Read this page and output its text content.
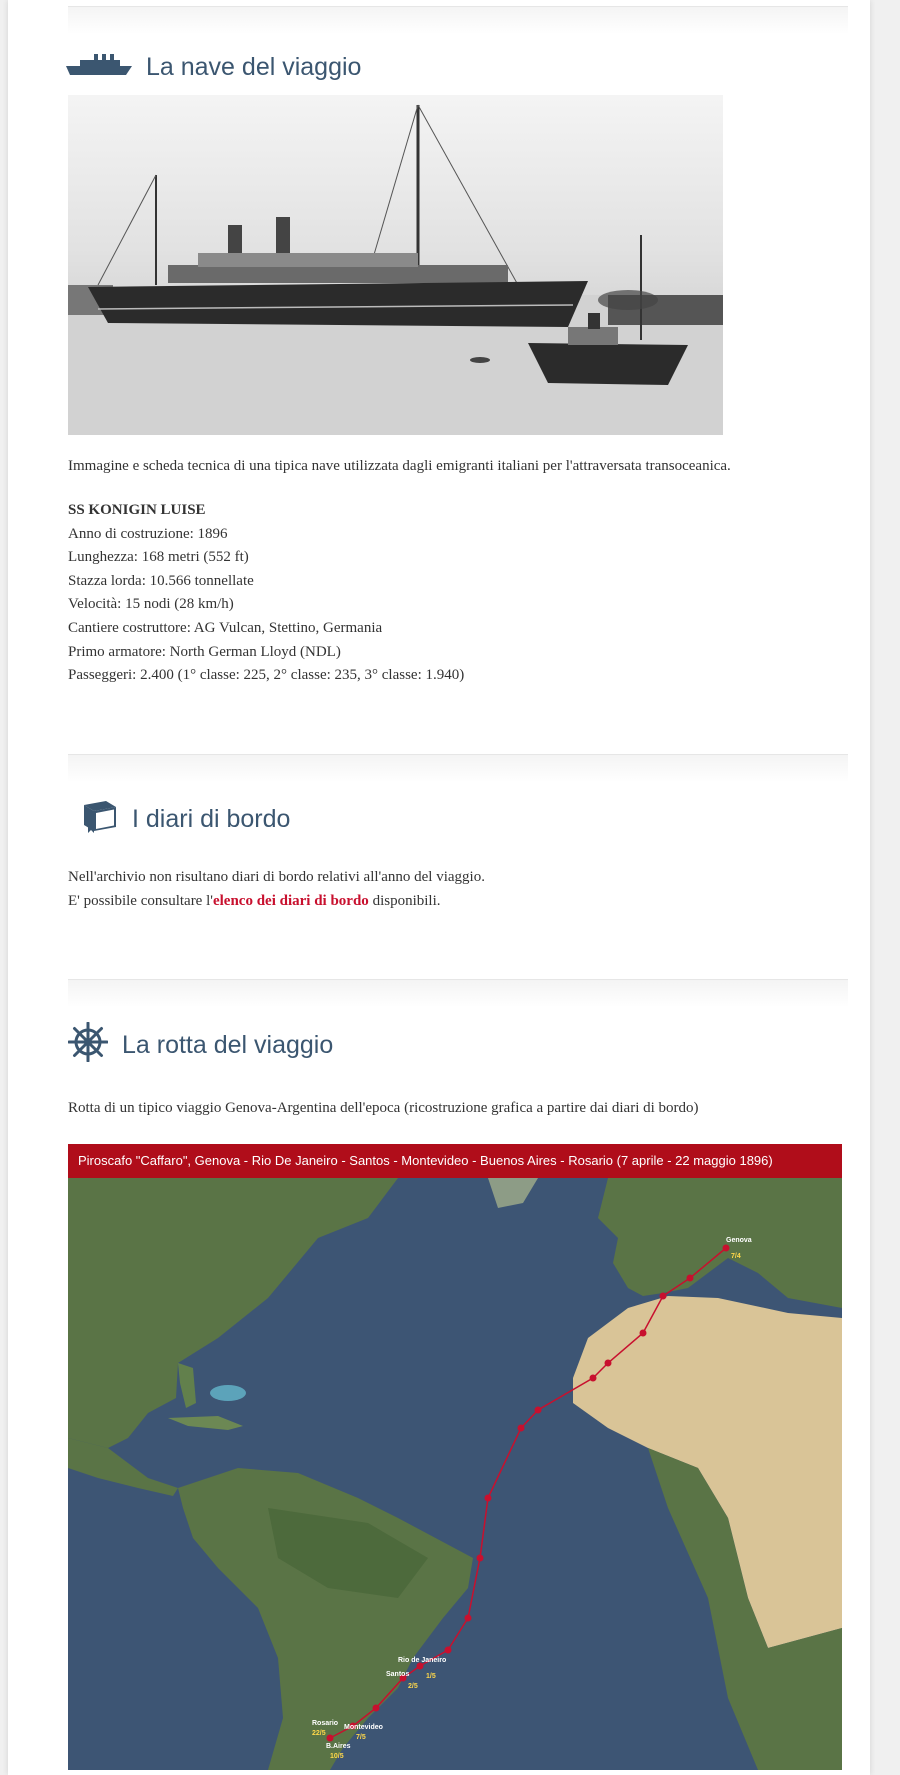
La nave del viaggio

Immagine e scheda tecnica di una tipica nave utilizzata dagli emigranti italiani per l'attraversata transoceanica.

SS KONIGIN LUISE

Anno di costruzione: 1896

Lunghezza: 168 metri (552 ft)

Stazza lorda: 10.566 tonnellate

Velocità: 15 nodi (28 km/h)

Cantiere costruttore: AG Vulcan, Stettino, Germania

Primo armatore: North German Lloyd (NDL)

Passeggeri: 2.400 (1° classe: 225, 2° classe: 235, 3° classe: 1.940)

I diari di bordo

Nell'archivio non risultano diari di bordo relativi all'anno del viaggio.

E' possibile consultare l'elenco dei diari di bordo disponibili.

La rotta del viaggio

Rotta di un tipico viaggio Genova-Argentina dell'epoca (ricostruzione grafica a partire dai diari di bordo)

Piroscafo "Caffaro", Genova - Rio De Janeiro - Santos - Montevideo - Buenos Aires - Rosario (7 aprile - 22 maggio 1896)
Genova
7/4
Rio de Janeiro
1/5
Santos
2/5
Montevideo
7/5
B.Aires
10/5
Rosario
22/5
